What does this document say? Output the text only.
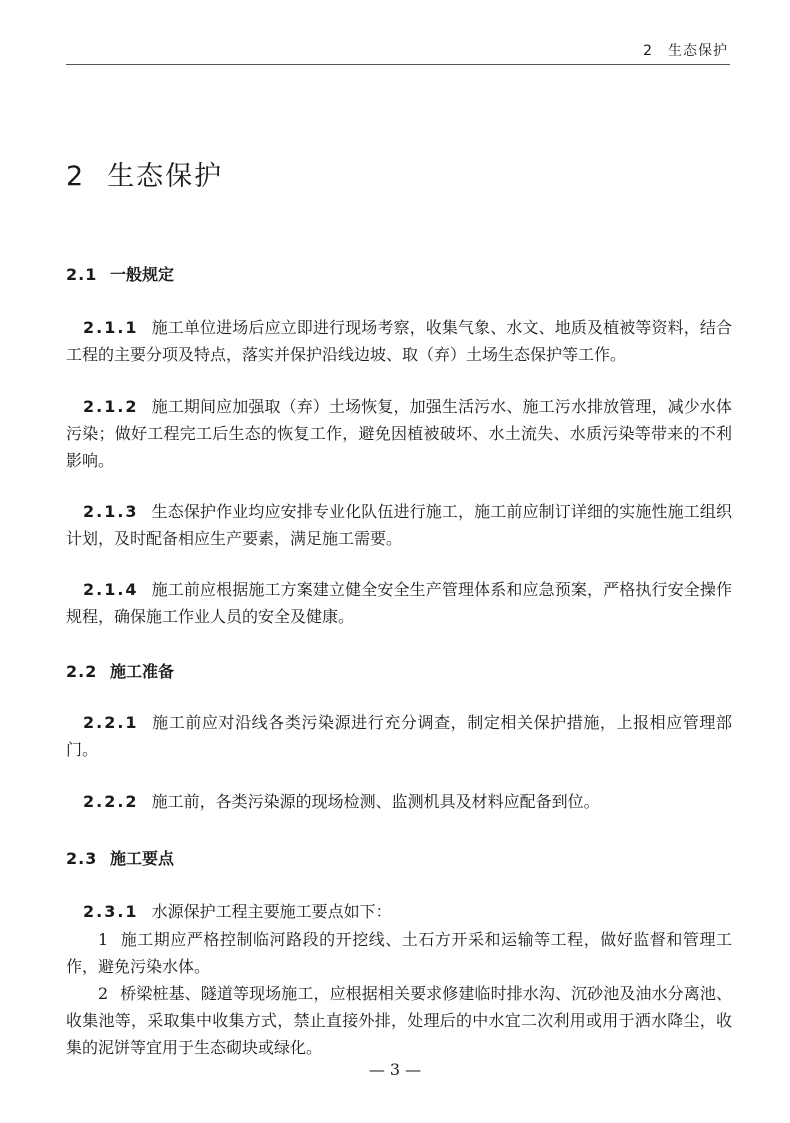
2　生态保护
2 生态保护
2.1 一般规定

2.1.1 施工单位进场后应立即进行现场考察，收集气象、水文、地质及植被等资料，结合工程的主要分项及特点，落实并保护沿线边坡、取（弃）土场生态保护等工作。

2.1.2 施工期间应加强取（弃）土场恢复，加强生活污水、施工污水排放管理，减少水体污染；做好工程完工后生态的恢复工作，避免因植被破坏、水土流失、水质污染等带来的不利影响。

2.1.3 生态保护作业均应安排专业化队伍进行施工，施工前应制订详细的实施性施工组织计划，及时配备相应生产要素，满足施工需要。

2.1.4 施工前应根据施工方案建立健全安全生产管理体系和应急预案，严格执行安全操作规程，确保施工作业人员的安全及健康。

2.2 施工准备

2.2.1 施工前应对沿线各类污染源进行充分调查，制定相关保护措施，上报相应管理部门。

2.2.2 施工前，各类污染源的现场检测、监测机具及材料应配备到位。

2.3 施工要点

2.3.1 水源保护工程主要施工要点如下：

1 施工期应严格控制临河路段的开挖线、土石方开采和运输等工程，做好监督和管理工作，避免污染水体。

2 桥梁桩基、隧道等现场施工，应根据相关要求修建临时排水沟、沉砂池及油水分离池、收集池等，采取集中收集方式，禁止直接外排，处理后的中水宜二次利用或用于洒水降尘，收集的泥饼等宜用于生态砌块或绿化。

— 3 —
